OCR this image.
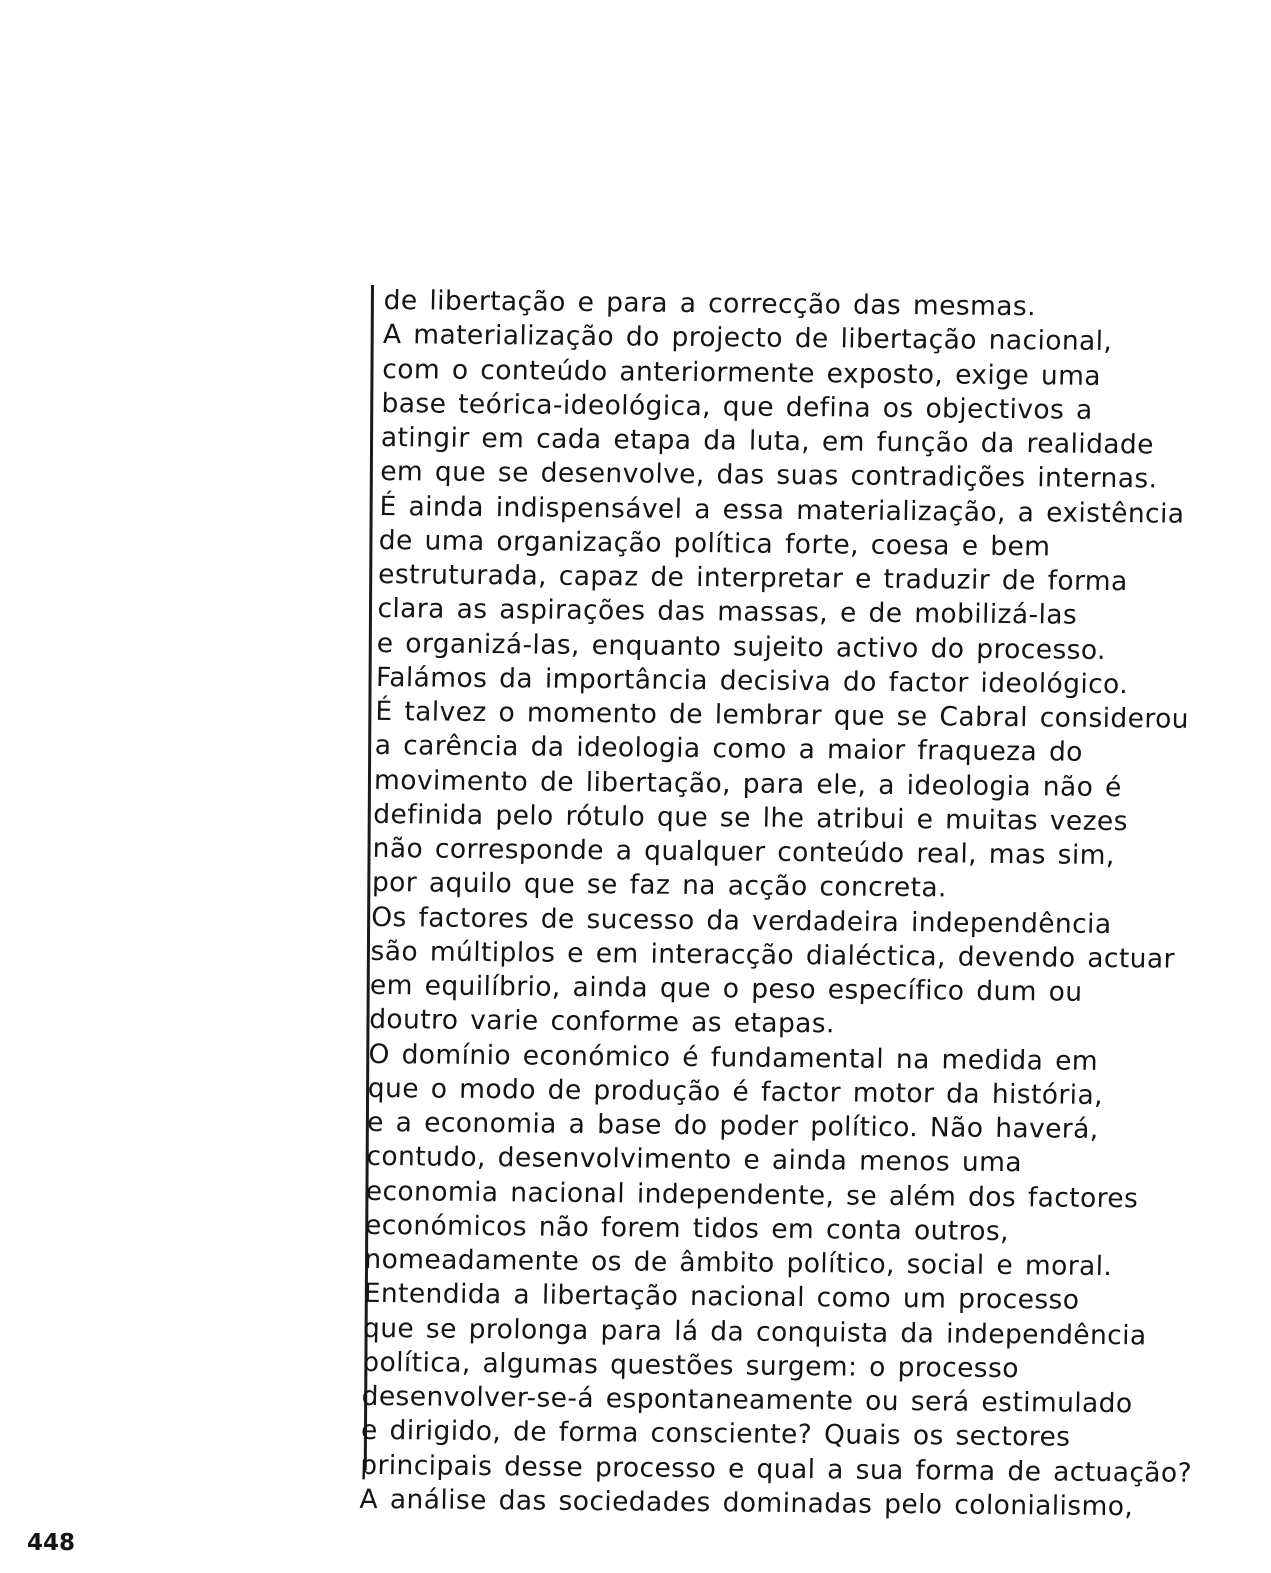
de libertação e para a correcção das mesmas.
A materialização do projecto de libertação nacional,
com o conteúdo anteriormente exposto, exige uma
base teórica-ideológica, que defina os objectivos a
atingir em cada etapa da luta, em função da realidade
em que se desenvolve, das suas contradições internas.
É ainda indispensável a essa materialização, a existência
de uma organização política forte, coesa e bem
estruturada, capaz de interpretar e traduzir de forma
clara as aspirações das massas, e de mobilizá-las
e organizá-las, enquanto sujeito activo do processo.
Falámos da importância decisiva do factor ideológico.
É talvez o momento de lembrar que se Cabral considerou
a carência da ideologia como a maior fraqueza do
movimento de libertação, para ele, a ideologia não é
definida pelo rótulo que se lhe atribui e muitas vezes
não corresponde a qualquer conteúdo real, mas sim,
por aquilo que se faz na acção concreta.
Os factores de sucesso da verdadeira independência
são múltiplos e em interacção dialéctica, devendo actuar
em equilíbrio, ainda que o peso específico dum ou
doutro varie conforme as etapas.
O domínio económico é fundamental na medida em
que o modo de produção é factor motor da história,
e a economia a base do poder político. Não haverá,
contudo, desenvolvimento e ainda menos uma
economia nacional independente, se além dos factores
económicos não forem tidos em conta outros,
nomeadamente os de âmbito político, social e moral.
Entendida a libertação nacional como um processo
que se prolonga para lá da conquista da independência
política, algumas questões surgem: o processo
desenvolver-se-á espontaneamente ou será estimulado
e dirigido, de forma consciente? Quais os sectores
principais desse processo e qual a sua forma de actuação?
A análise das sociedades dominadas pelo colonialismo,
448
